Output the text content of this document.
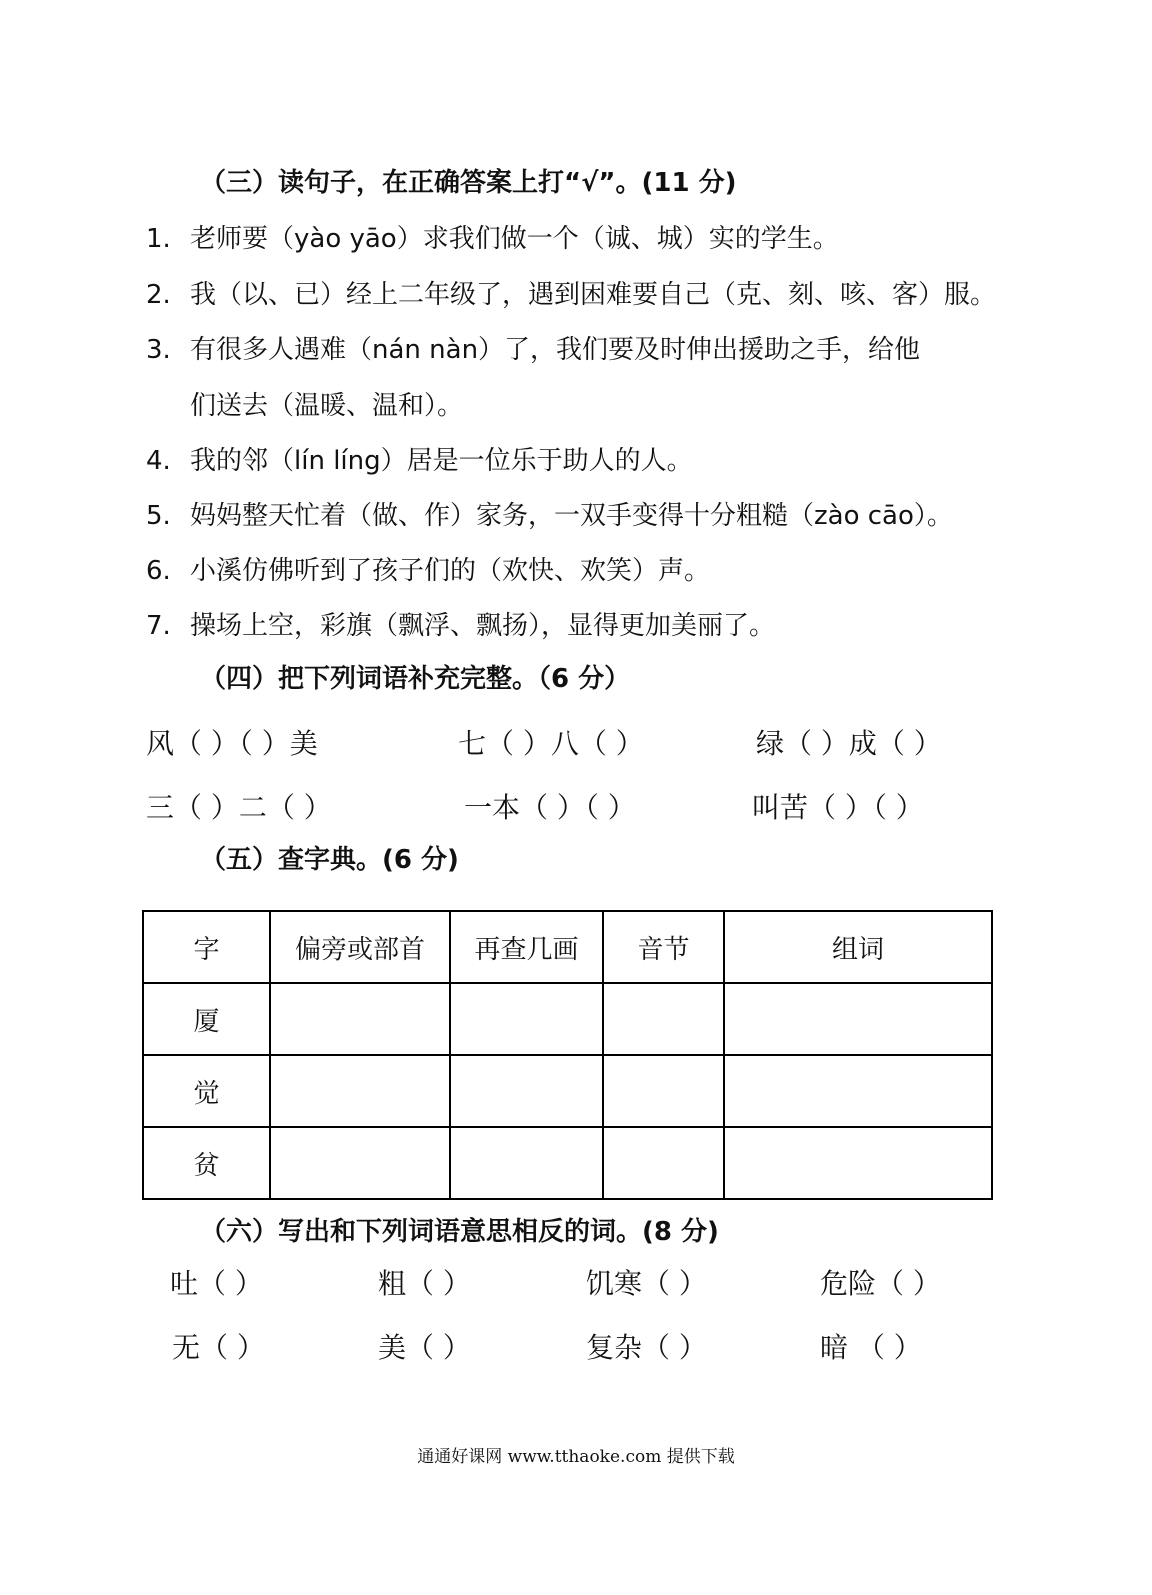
（三）读句子，在正确答案上打“√”。(11 分)
1. 老师要（yào yāo）求我们做一个（诚、城）实的学生。
2. 我（以、已）经上二年级了，遇到困难要自己（克、刻、咳、客）服。
3. 有很多人遇难（nán nàn）了，我们要及时伸出援助之手，给他
们送去（温暖、温和）。
4. 我的邻（lín líng）居是一位乐于助人的人。
5. 妈妈整天忙着（做、作）家务，一双手变得十分粗糙（zào cāo）。
6. 小溪仿佛听到了孩子们的（欢快、欢笑）声。
7. 操场上空，彩旗（飘浮、飘扬），显得更加美丽了。
（四）把下列词语补充完整。（6 分）
风（ ）（ ）美	七（ ）八（ ）	绿（ ）成（ ）
三（ ）二（ ）	一本（ ）（ ）	叫苦（ ）（ ）
（五）查字典。(6 分)
字	偏旁或部首	再查几画	音节	组词
厦				
觉				
贫				
（六）写出和下列词语意思相反的词。(8 分)
吐（ ）	粗（ ）	饥寒（ ）	危险（ ）
无（ ）	美（ ）	复杂（ ）	暗 （ ）
通通好课网 www.tthaoke.com 提供下载
